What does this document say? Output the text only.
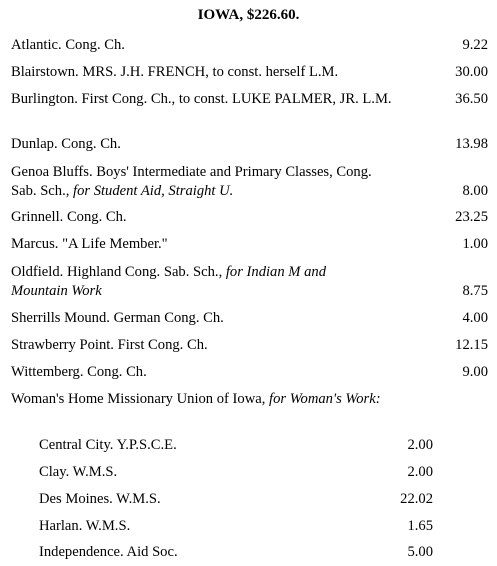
IOWA, $226.60.
Atlantic. Cong. Ch.	9.22
Blairstown. MRS. J.H. FRENCH, to const. herself L.M.	30.00
Burlington. First Cong. Ch., to const. LUKE PALMER, JR. L.M.	36.50
Dunlap. Cong. Ch.	13.98
Genoa Bluffs. Boys' Intermediate and Primary Classes, Cong. Sab. Sch., for Student Aid, Straight U.	8.00
Grinnell. Cong. Ch.	23.25
Marcus. "A Life Member."	1.00
Oldfield. Highland Cong. Sab. Sch., for Indian M and Mountain Work	8.75
Sherrills Mound. German Cong. Ch.	4.00
Strawberry Point. First Cong. Ch.	12.15
Wittemberg. Cong. Ch.	9.00
Woman's Home Missionary Union of Iowa, for Woman's Work:
Central City. Y.P.S.C.E.	2.00
Clay. W.M.S.	2.00
Des Moines. W.M.S.	22.02
Harlan. W.M.S.	1.65
Independence. Aid Soc.	5.00
